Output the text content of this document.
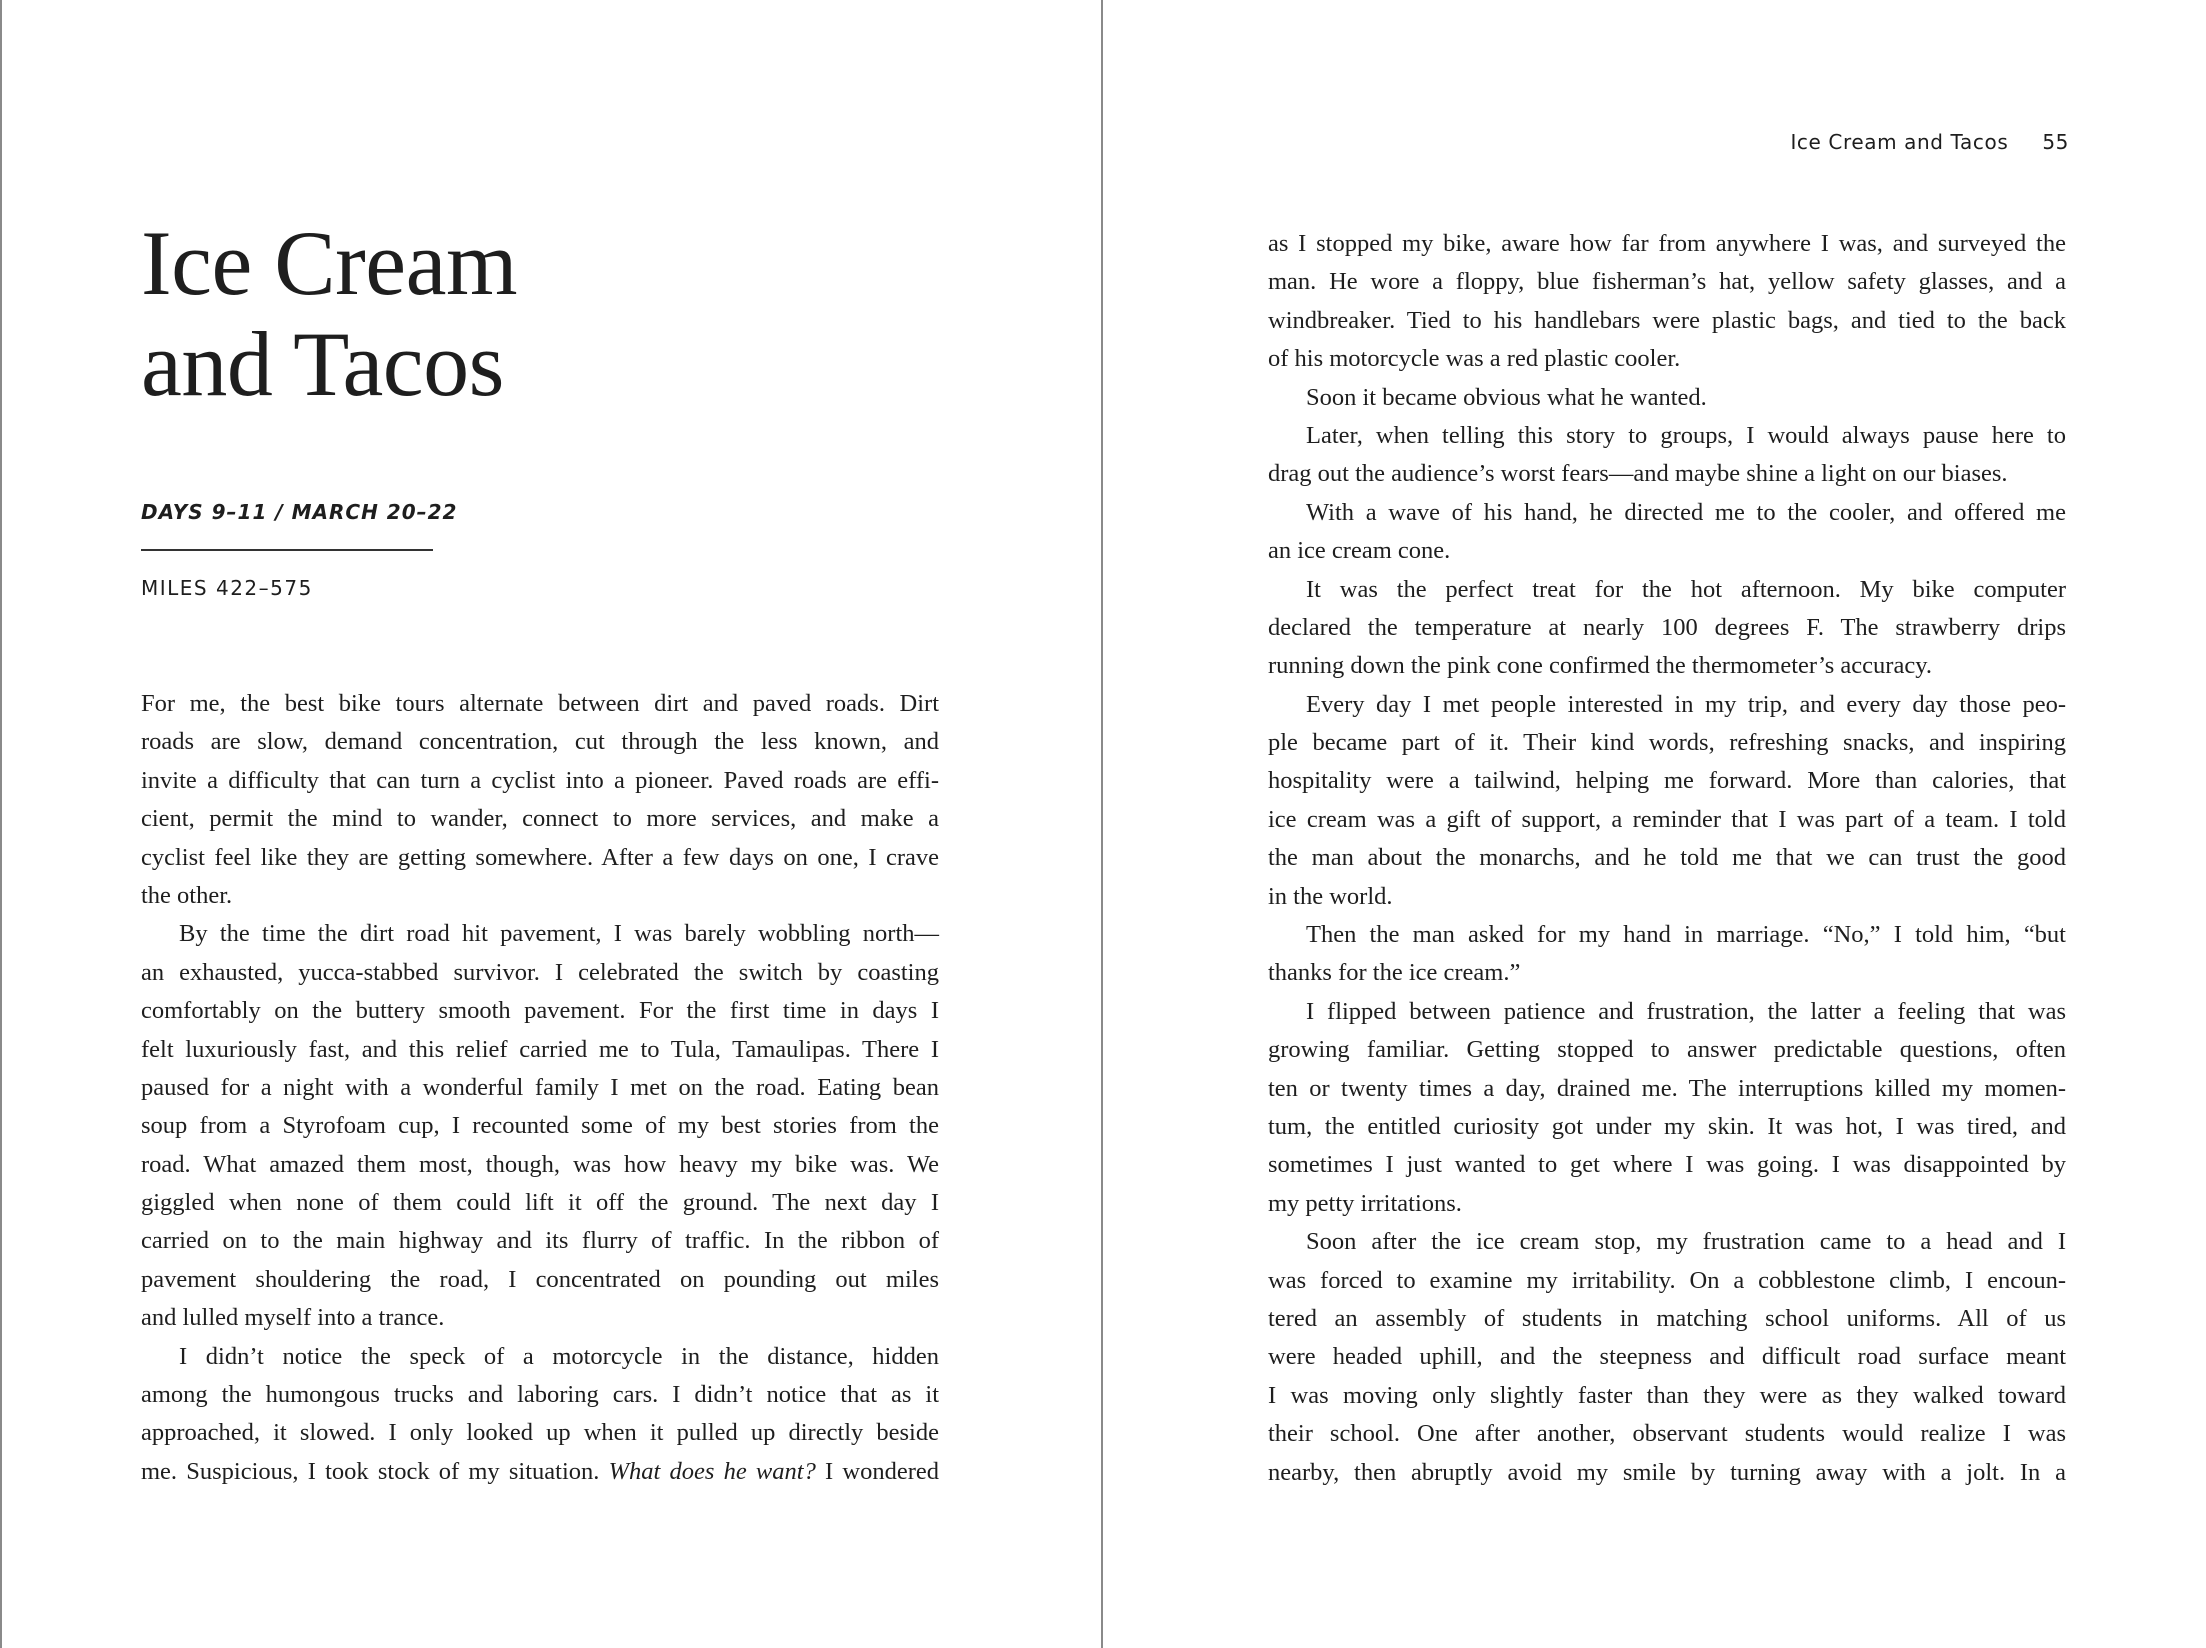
Ice Cream
and Tacos
DAYS 9–11 / MARCH 20–22
MILES 422–575
For me, the best bike tours alternate between dirt and paved roads. Dirt
roads are slow, demand concentration, cut through the less known, and
invite a difficulty that can turn a cyclist into a pioneer. Paved roads are effi-
cient, permit the mind to wander, connect to more services, and make a
cyclist feel like they are getting somewhere. After a few days on one, I crave
the other.
By the time the dirt road hit pavement, I was barely wobbling north—
an exhausted, yucca-stabbed survivor. I celebrated the switch by coasting
comfortably on the buttery smooth pavement. For the first time in days I
felt luxuriously fast, and this relief carried me to Tula, Tamaulipas. There I
paused for a night with a wonderful family I met on the road. Eating bean
soup from a Styrofoam cup, I recounted some of my best stories from the
road. What amazed them most, though, was how heavy my bike was. We
giggled when none of them could lift it off the ground. The next day I
carried on to the main highway and its flurry of traffic. In the ribbon of
pavement shouldering the road, I concentrated on pounding out miles
and lulled myself into a trance.
I didn’t notice the speck of a motorcycle in the distance, hidden
among the humongous trucks and laboring cars. I didn’t notice that as it
approached, it slowed. I only looked up when it pulled up directly beside
me. Suspicious, I took stock of my situation. What does he want? I wondered
Ice Cream and Tacos 55
as I stopped my bike, aware how far from anywhere I was, and surveyed the
man. He wore a floppy, blue fisherman’s hat, yellow safety glasses, and a
windbreaker. Tied to his handlebars were plastic bags, and tied to the back
of his motorcycle was a red plastic cooler.
Soon it became obvious what he wanted.
Later, when telling this story to groups, I would always pause here to
drag out the audience’s worst fears—and maybe shine a light on our biases.
With a wave of his hand, he directed me to the cooler, and offered me
an ice cream cone.
It was the perfect treat for the hot afternoon. My bike computer
declared the temperature at nearly 100 degrees F. The strawberry drips
running down the pink cone confirmed the thermometer’s accuracy.
Every day I met people interested in my trip, and every day those peo-
ple became part of it. Their kind words, refreshing snacks, and inspiring
hospitality were a tailwind, helping me forward. More than calories, that
ice cream was a gift of support, a reminder that I was part of a team. I told
the man about the monarchs, and he told me that we can trust the good
in the world.
Then the man asked for my hand in marriage. “No,” I told him, “but
thanks for the ice cream.”
I flipped between patience and frustration, the latter a feeling that was
growing familiar. Getting stopped to answer predictable questions, often
ten or twenty times a day, drained me. The interruptions killed my momen-
tum, the entitled curiosity got under my skin. It was hot, I was tired, and
sometimes I just wanted to get where I was going. I was disappointed by
my petty irritations.
Soon after the ice cream stop, my frustration came to a head and I
was forced to examine my irritability. On a cobblestone climb, I encoun-
tered an assembly of students in matching school uniforms. All of us
were headed uphill, and the steepness and difficult road surface meant
I was moving only slightly faster than they were as they walked toward
their school. One after another, observant students would realize I was
nearby, then abruptly avoid my smile by turning away with a jolt. In a
